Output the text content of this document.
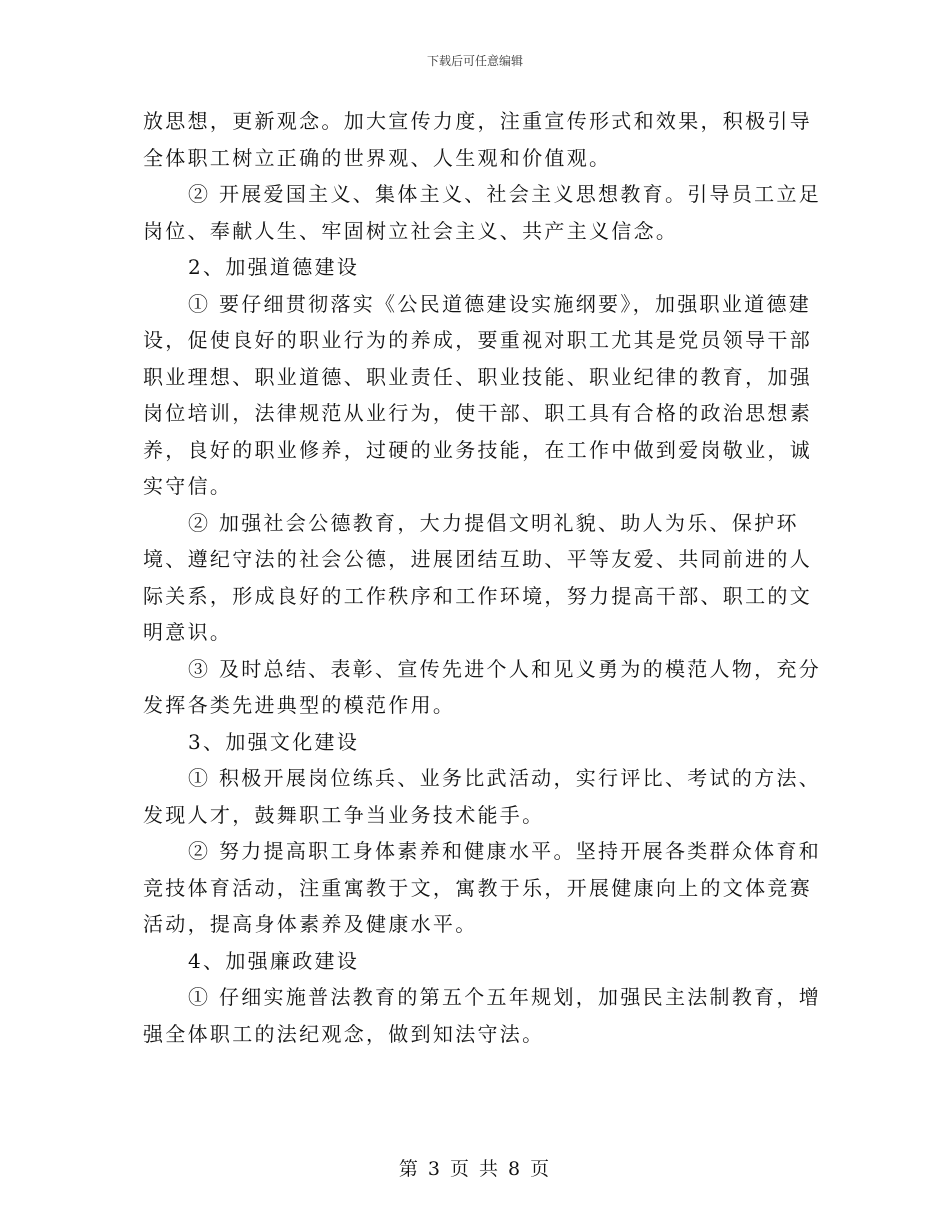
下载后可任意编辑

放思想，更新观念。加大宣传力度，注重宣传形式和效果，积极引导全体职工树立正确的世界观、人生观和价值观。

② 开展爱国主义、集体主义、社会主义思想教育。引导员工立足岗位、奉献人生、牢固树立社会主义、共产主义信念。

2、加强道德建设

① 要仔细贯彻落实《公民道德建设实施纲要》，加强职业道德建设，促使良好的职业行为的养成，要重视对职工尤其是党员领导干部职业理想、职业道德、职业责任、职业技能、职业纪律的教育，加强岗位培训，法律规范从业行为，使干部、职工具有合格的政治思想素养，良好的职业修养，过硬的业务技能，在工作中做到爱岗敬业，诚实守信。

② 加强社会公德教育，大力提倡文明礼貌、助人为乐、保护环境、遵纪守法的社会公德，进展团结互助、平等友爱、共同前进的人际关系，形成良好的工作秩序和工作环境，努力提高干部、职工的文明意识。

③ 及时总结、表彰、宣传先进个人和见义勇为的模范人物，充分发挥各类先进典型的模范作用。

3、加强文化建设

① 积极开展岗位练兵、业务比武活动，实行评比、考试的方法、发现人才，鼓舞职工争当业务技术能手。

② 努力提高职工身体素养和健康水平。坚持开展各类群众体育和竞技体育活动，注重寓教于文，寓教于乐，开展健康向上的文体竞赛活动，提高身体素养及健康水平。

4、加强廉政建设

① 仔细实施普法教育的第五个五年规划，加强民主法制教育，增强全体职工的法纪观念，做到知法守法。

第 3 页 共 8 页
